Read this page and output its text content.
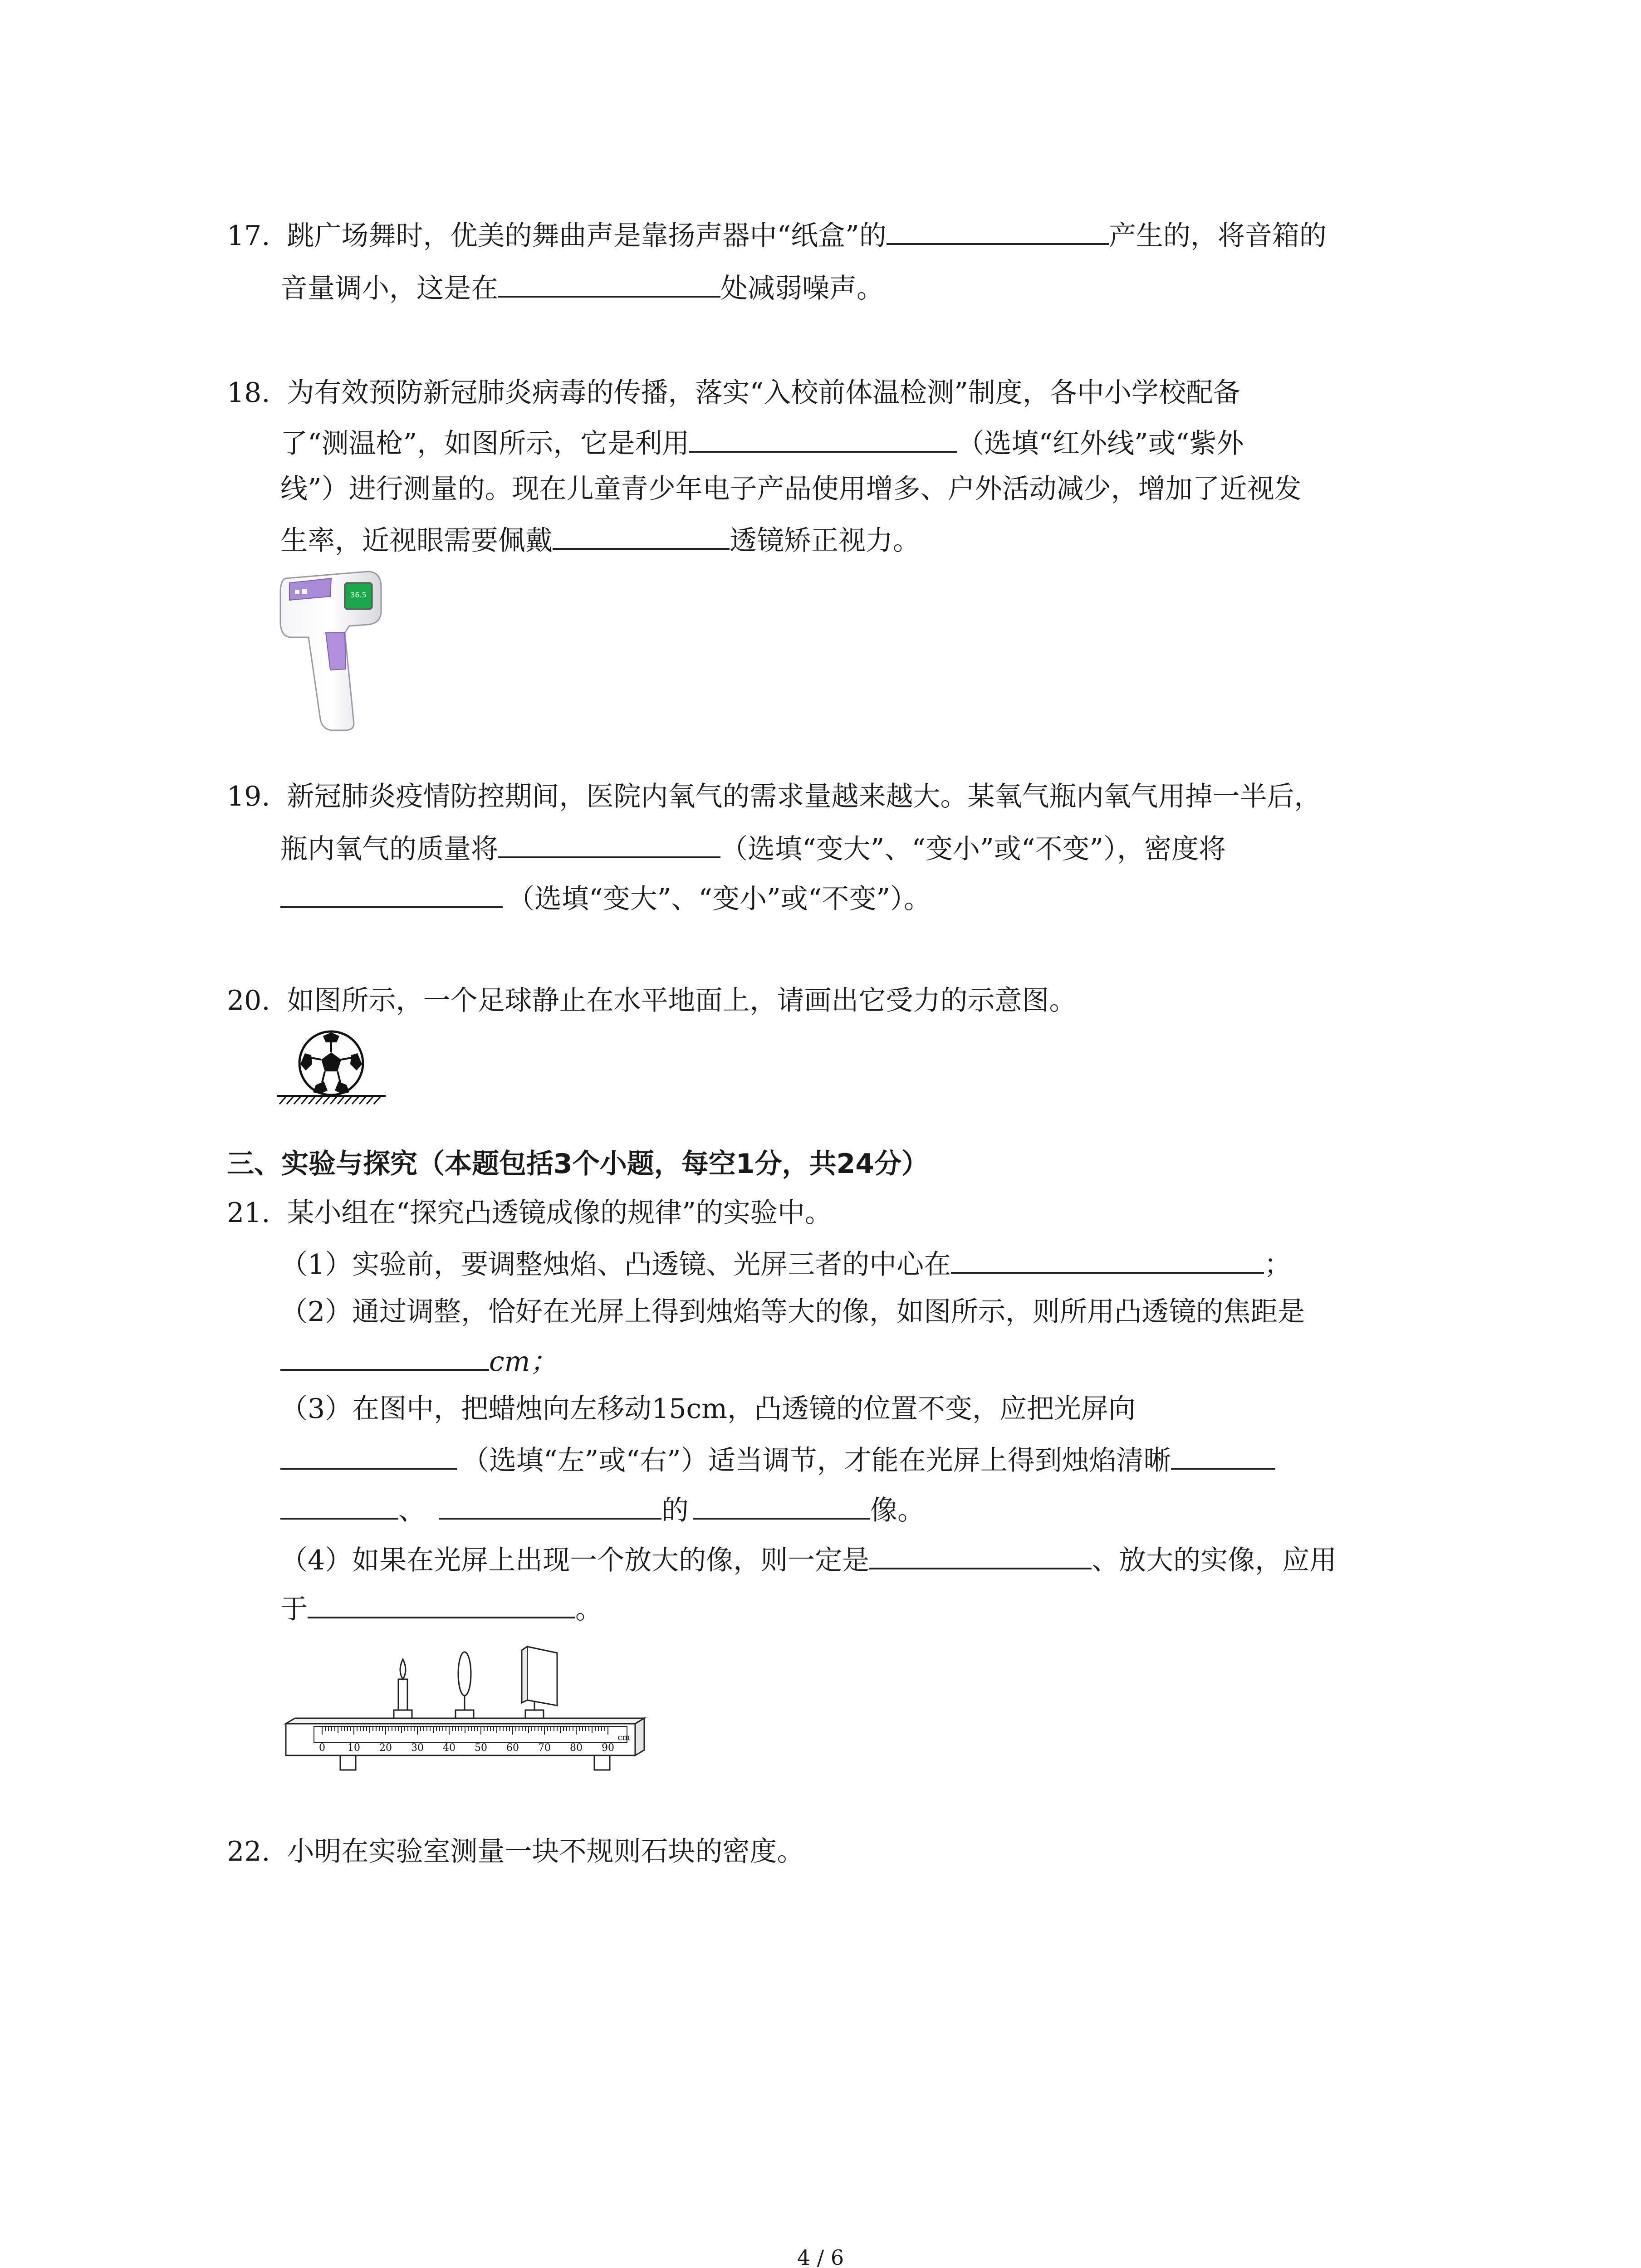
17. 跳广场舞时，优美的舞曲声是靠扬声器中“纸盒”的	产生的，将音箱的
音量调小，这是在	处减弱噪声。
18. 为有效预防新冠肺炎病毒的传播，落实“入校前体温检测”制度，各中小学校配备
了“测温枪”，如图所示，它是利用	（选填“红外线”或“紫外
线”）进行测量的。现在儿童青少年电子产品使用增多、户外活动减少，增加了近视发
生率，近视眼需要佩戴	透镜矫正视力。
36.5
19. 新冠肺炎疫情防控期间，医院内氧气的需求量越来越大。某氧气瓶内氧气用掉一半后，
瓶内氧气的质量将	（选填“变大”、“变小”或“不变”），密度将
（选填“变大”、“变小”或“不变”）。
20. 如图所示，一个足球静止在水平地面上，请画出它受力的示意图。
三、实验与探究（本题包括3个小题，每空1分，共24分）
21. 某小组在“探究凸透镜成像的规律”的实验中。
（1）实验前，要调整烛焰、凸透镜、光屏三者的中心在	；
（2）通过调整，恰好在光屏上得到烛焰等大的像，如图所示，则所用凸透镜的焦距是
cm；
（3）在图中，把蜡烛向左移动15cm，凸透镜的位置不变，应把光屏向
（选填“左”或“右”）适当调节，才能在光屏上得到烛焰清晰
、	的	像。
（4）如果在光屏上出现一个放大的像，则一定是	、放大的实像，应用
于	。
0 10 20 30 40 50 60 70 80 90
cm
22. 小明在实验室测量一块不规则石块的密度。
4 / 6
